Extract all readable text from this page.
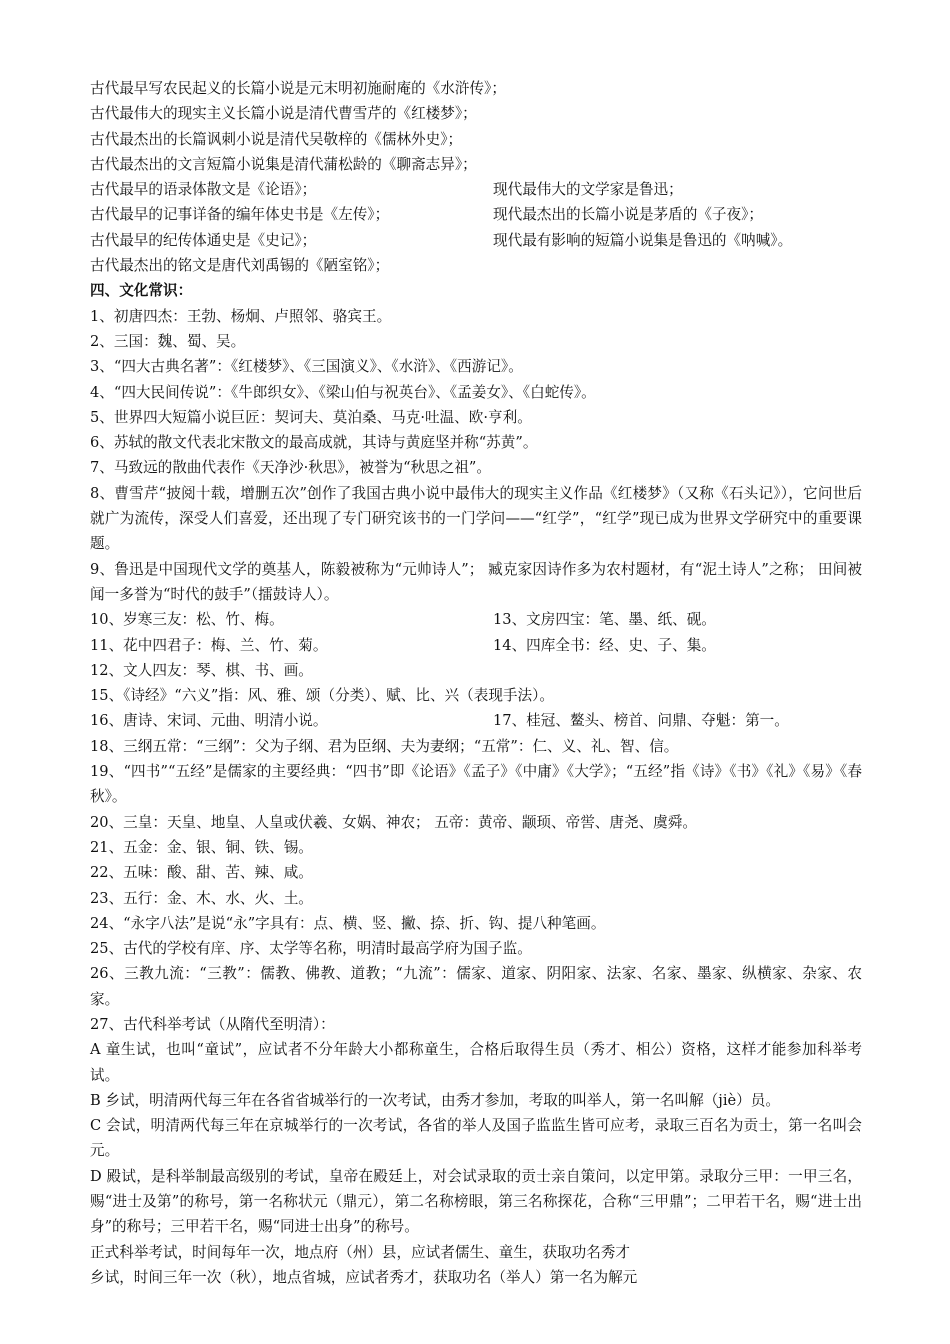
古代最早写农民起义的长篇小说是元末明初施耐庵的《水浒传》；
古代最伟大的现实主义长篇小说是清代曹雪芹的《红楼梦》；
古代最杰出的长篇讽刺小说是清代吴敬梓的《儒林外史》；
古代最杰出的文言短篇小说集是清代蒲松龄的《聊斋志异》；
古代最早的语录体散文是《论语》；	现代最伟大的文学家是鲁迅；
古代最早的记事详备的编年体史书是《左传》；	现代最杰出的长篇小说是茅盾的《子夜》；
古代最早的纪传体通史是《史记》；	现代最有影响的短篇小说集是鲁迅的《呐喊》。
古代最杰出的铭文是唐代刘禹锡的《陋室铭》；
四、文化常识：
1、初唐四杰：王勃、杨炯、卢照邻、骆宾王。
2、三国：魏、蜀、吴。
3、“四大古典名著”：《红楼梦》、《三国演义》、《水浒》、《西游记》。
4、“四大民间传说”：《牛郎织女》、《梁山伯与祝英台》、《孟姜女》、《白蛇传》。
5、世界四大短篇小说巨匠：契诃夫、莫泊桑、马克·吐温、欧·亨利。
6、苏轼的散文代表北宋散文的最高成就，其诗与黄庭坚并称“苏黄”。
7、马致远的散曲代表作《天净沙·秋思》，被誉为“秋思之祖”。
8、曹雪芹“披阅十载，增删五次”创作了我国古典小说中最伟大的现实主义作品《红楼梦》（又称《石头记》），它问世后就广为流传，深受人们喜爱，还出现了专门研究该书的一门学问——“红学”，“红学”现已成为世界文学研究中的重要课题。
9、鲁迅是中国现代文学的奠基人，陈毅被称为“元帅诗人”； 臧克家因诗作多为农村题材，有“泥土诗人”之称； 田间被闻一多誉为“时代的鼓手”（擂鼓诗人）。
10、岁寒三友：松、竹、梅。	13、文房四宝：笔、墨、纸、砚。
11、花中四君子：梅、兰、竹、菊。	14、四库全书：经、史、子、集。
12、文人四友：琴、棋、书、画。
15、《诗经》“六义”指：风、雅、颂（分类）、赋、比、兴（表现手法）。
16、唐诗、宋词、元曲、明清小说。	17、桂冠、鳌头、榜首、问鼎、夺魁：第一。
18、三纲五常：“三纲”：父为子纲、君为臣纲、夫为妻纲；“五常”：仁、义、礼、智、信。
19、“四书”“五经”是儒家的主要经典：“四书”即《论语》《孟子》《中庸》《大学》；“五经”指《诗》《书》《礼》《易》《春秋》。
20、三皇：天皇、地皇、人皇或伏羲、女娲、神农； 五帝：黄帝、颛顼、帝喾、唐尧、虞舜。
21、五金：金、银、铜、铁、锡。
22、五味：酸、甜、苦、辣、咸。
23、五行：金、木、水、火、土。
24、“永字八法”是说“永”字具有：点、横、竖、撇、捺、折、钩、提八种笔画。
25、古代的学校有庠、序、太学等名称，明清时最高学府为国子监。
26、三教九流：“三教”：儒教、佛教、道教；“九流”：儒家、道家、阴阳家、法家、名家、墨家、纵横家、杂家、农家。
27、古代科举考试（从隋代至明清）：
A 童生试，也叫“童试”，应试者不分年龄大小都称童生，合格后取得生员（秀才、相公）资格，这样才能参加科举考试。
B 乡试，明清两代每三年在各省省城举行的一次考试，由秀才参加，考取的叫举人，第一名叫解（jiè）员。
C 会试，明清两代每三年在京城举行的一次考试，各省的举人及国子监监生皆可应考，录取三百名为贡士，第一名叫会元。
D 殿试，是科举制最高级别的考试，皇帝在殿廷上，对会试录取的贡士亲自策问，以定甲第。录取分三甲：一甲三名，赐“进士及第”的称号，第一名称状元（鼎元），第二名称榜眼，第三名称探花，合称“三甲鼎”；二甲若干名，赐“进士出身”的称号；三甲若干名，赐“同进士出身”的称号。
正式科举考试，时间每年一次，地点府（州）县，应试者儒生、童生，获取功名秀才
乡试，时间三年一次（秋），地点省城，应试者秀才，获取功名（举人）第一名为解元
